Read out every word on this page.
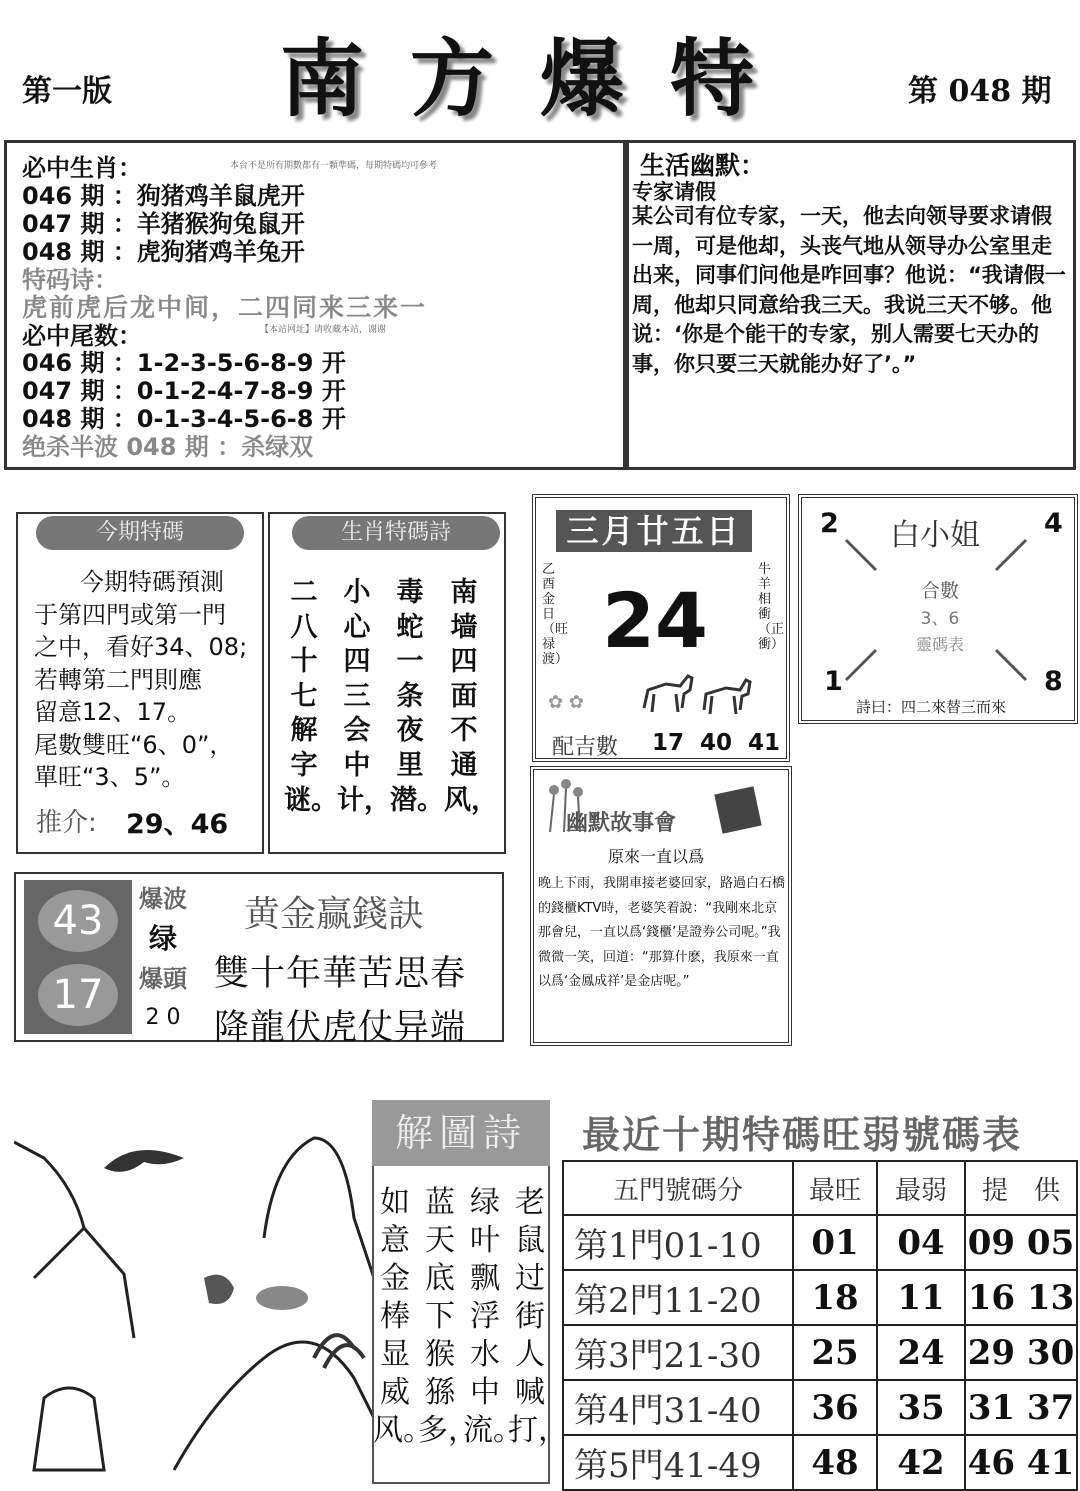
第一版	南方爆特	第 048 期
必中生肖：	本台不是所有期數都有一顆準碼，每期特碼均可參考
046 期 ：狗猪鸡羊鼠虎开
047 期 ：羊猪猴狗兔鼠开
048 期 ：虎狗猪鸡羊兔开
特码诗：
虎前虎后龙中间，二四同来三来一
必中尾数：	【本站网址】请收藏本站，谢谢
046 期 ：1-2-3-5-6-8-9 开
047 期 ：0-1-2-4-7-8-9 开
048 期 ：0-1-3-4-5-6-8 开
绝杀半波 048 期 ：杀绿双
生活幽默：
专家请假
某公司有位专家，一天，他去向领导要求请假一周，可是他却，头丧气地从领导办公室里走出来，同事们问他是咋回事？他说：“我请假一周，他却只同意给我三天。我说三天不够。他说：‘你是个能干的专家，别人需要七天办的事，你只要三天就能办好了’。”
今期特碼
今期特碼預測
于第四門或第一門
之中，看好34、08;
若轉第二門則應
留意12、17。
尾數雙旺“6、0”，
單旺“3、5”。
推介: 29、46
生肖特碼詩
南墙四面不通风，
毒蛇一条夜里潜。
小心四三会中计，
二八十七解字谜。
三月廿五日
乙酉金日（旺禄渡）
牛羊相衝（正衝）
24
✿ ✿
配吉數 17  40  41
2	4
1	8
白小姐
合數
3、6
靈碼表
詩曰：四二來替三而來
43
17
爆波
绿
爆頭
2 0
黄金赢錢訣
雙十年華苦思春
降龍伏虎仗异端
幽默故事會
原來一直以爲
晚上下雨，我開車接老婆回家，路過白石橋的錢櫃KTV時，老婆笑着說：“我剛來北京那會兒，一直以爲‘錢櫃’是證券公司呢。”我微微一笑，回道：“那算什麽，我原來一直以爲‘金鳳成祥’是金店呢。”
解圖詩
老鼠过街人喊打，
绿叶飘浮水中流。
蓝天底下猴猻多，
如意金棒显威风。
最近十期特碼旺弱號碼表
五門號碼分	最旺	最弱	提　供
第1門01-10	01	04	09 05
第2門11-20	18	11	16 13
第3門21-30	25	24	29 30
第4門31-40	36	35	31 37
第5門41-49	48	42	46 41
